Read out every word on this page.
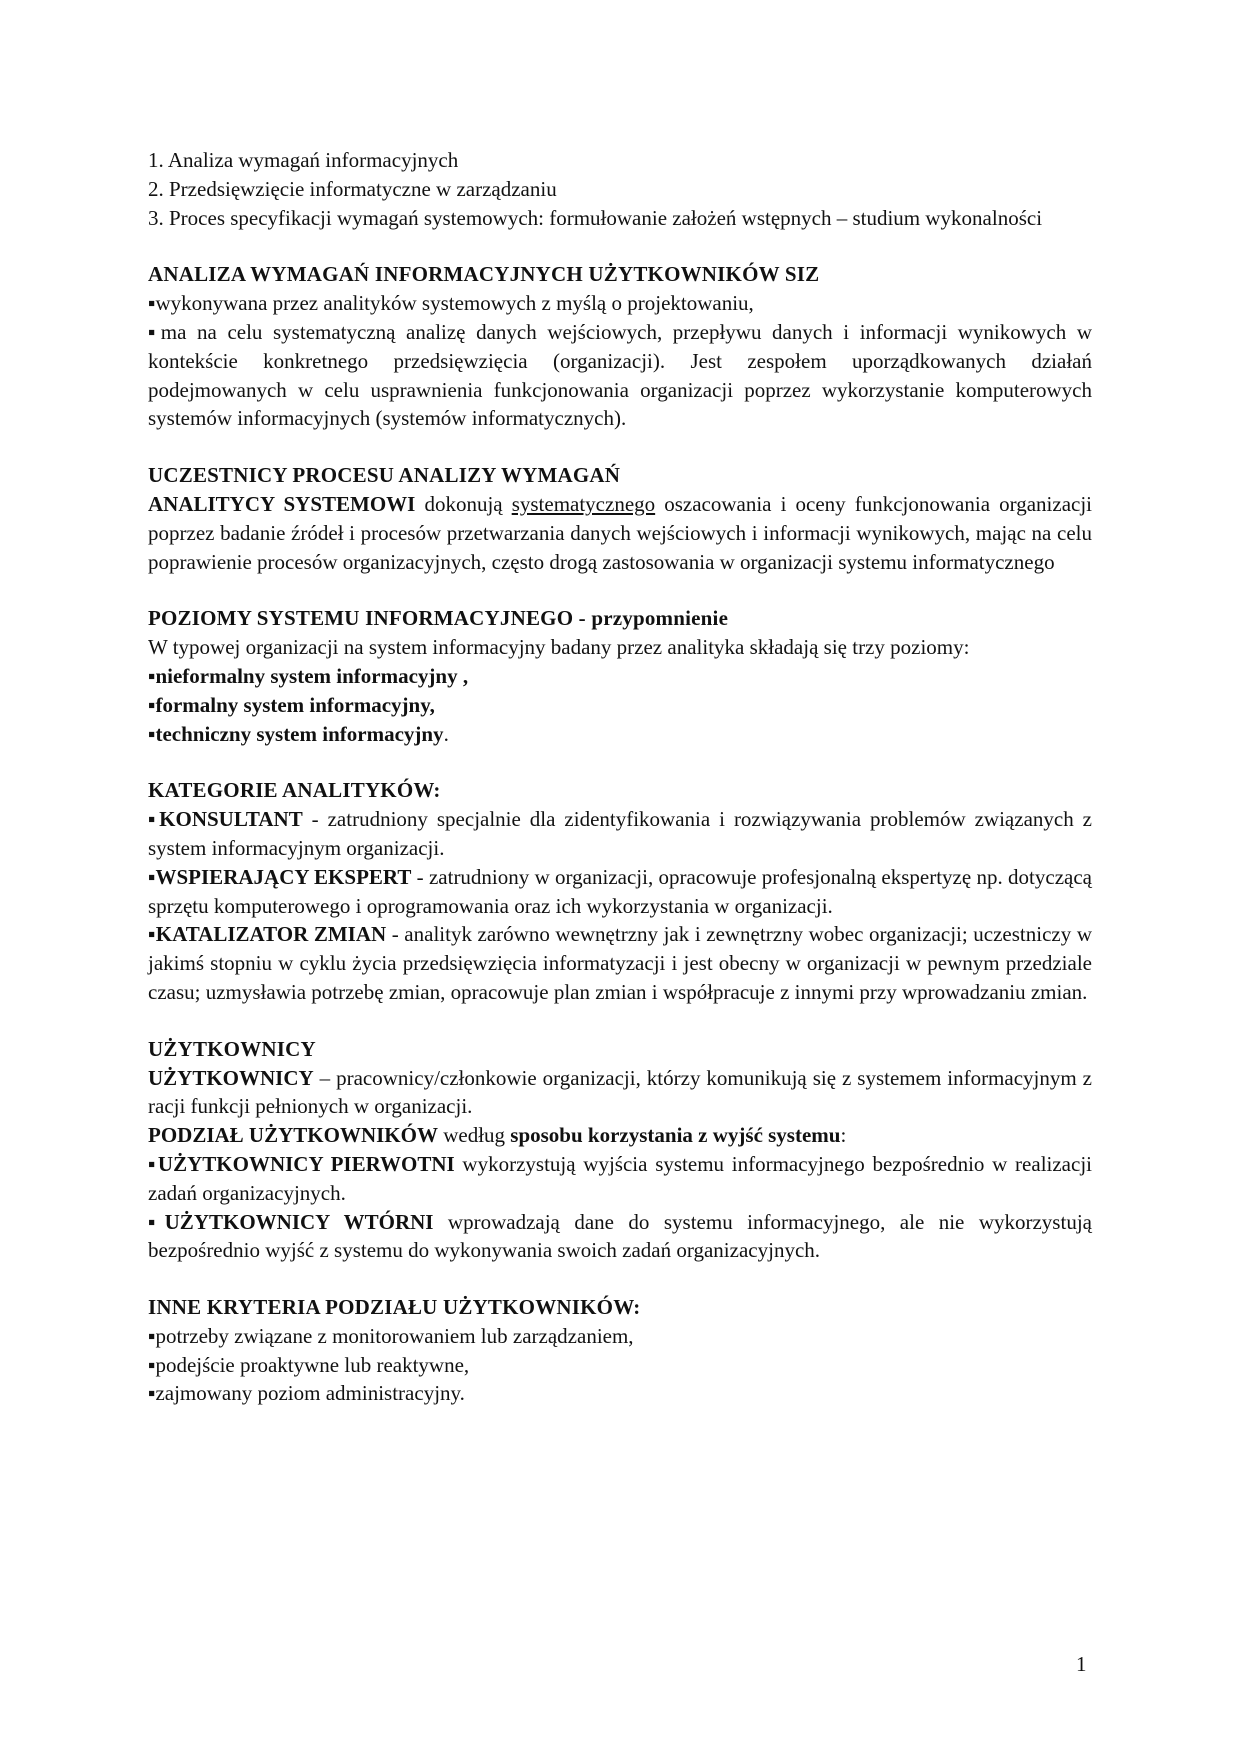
1. Analiza wymagań informacyjnych

2. Przedsięwzięcie informatyczne w zarządzaniu

3. Proces specyfikacji wymagań systemowych: formułowanie założeń wstępnych – studium wykonalności

ANALIZA WYMAGAŃ INFORMACYJNYCH UŻYTKOWNIKÓW SIZ

▪wykonywana przez analityków systemowych z myślą o projektowaniu,

▪ma na celu systematyczną analizę danych wejściowych, przepływu danych i informacji wynikowych w kontekście konkretnego przedsięwzięcia (organizacji). Jest zespołem uporządkowanych działań podejmowanych w celu usprawnienia funkcjonowania organizacji poprzez wykorzystanie komputerowych systemów informacyjnych (systemów informatycznych).

UCZESTNICY PROCESU ANALIZY WYMAGAŃ

ANALITYCY SYSTEMOWI dokonują systematycznego oszacowania i oceny funkcjonowania organizacji poprzez badanie źródeł i procesów przetwarzania danych wejściowych i informacji wynikowych, mając na celu poprawienie procesów organizacyjnych, często drogą zastosowania w organizacji systemu informatycznego

POZIOMY SYSTEMU INFORMACYJNEGO - przypomnienie

W typowej organizacji na system informacyjny badany przez analityka składają się trzy poziomy:

▪nieformalny system informacyjny ,

▪formalny system informacyjny,

▪techniczny system informacyjny.

KATEGORIE ANALITYKÓW:

▪KONSULTANT - zatrudniony specjalnie dla zidentyfikowania i rozwiązywania problemów związanych z system informacyjnym organizacji.

▪WSPIERAJĄCY EKSPERT - zatrudniony w organizacji, opracowuje profesjonalną ekspertyzę np. dotyczącą sprzętu komputerowego i oprogramowania oraz ich wykorzystania w organizacji.

▪KATALIZATOR ZMIAN - analityk zarówno wewnętrzny jak i zewnętrzny wobec organizacji; uczestniczy w jakimś stopniu w cyklu życia przedsięwzięcia informatyzacji i jest obecny w organizacji w pewnym przedziale czasu; uzmysławia potrzebę zmian, opracowuje plan zmian i współpracuje z innymi przy wprowadzaniu zmian.

UŻYTKOWNICY

UŻYTKOWNICY – pracownicy/członkowie organizacji, którzy komunikują się z systemem informacyjnym z racji funkcji pełnionych w organizacji.

PODZIAŁ UŻYTKOWNIKÓW według sposobu korzystania z wyjść systemu:

▪UŻYTKOWNICY PIERWOTNI wykorzystują wyjścia systemu informacyjnego bezpośrednio w realizacji zadań organizacyjnych.

▪UŻYTKOWNICY WTÓRNI wprowadzają dane do systemu informacyjnego, ale nie wykorzystują bezpośrednio wyjść z systemu do wykonywania swoich zadań organizacyjnych.

INNE KRYTERIA PODZIAŁU UŻYTKOWNIKÓW:

▪potrzeby związane z monitorowaniem lub zarządzaniem,

▪podejście proaktywne lub reaktywne,

▪zajmowany poziom administracyjny.

1
